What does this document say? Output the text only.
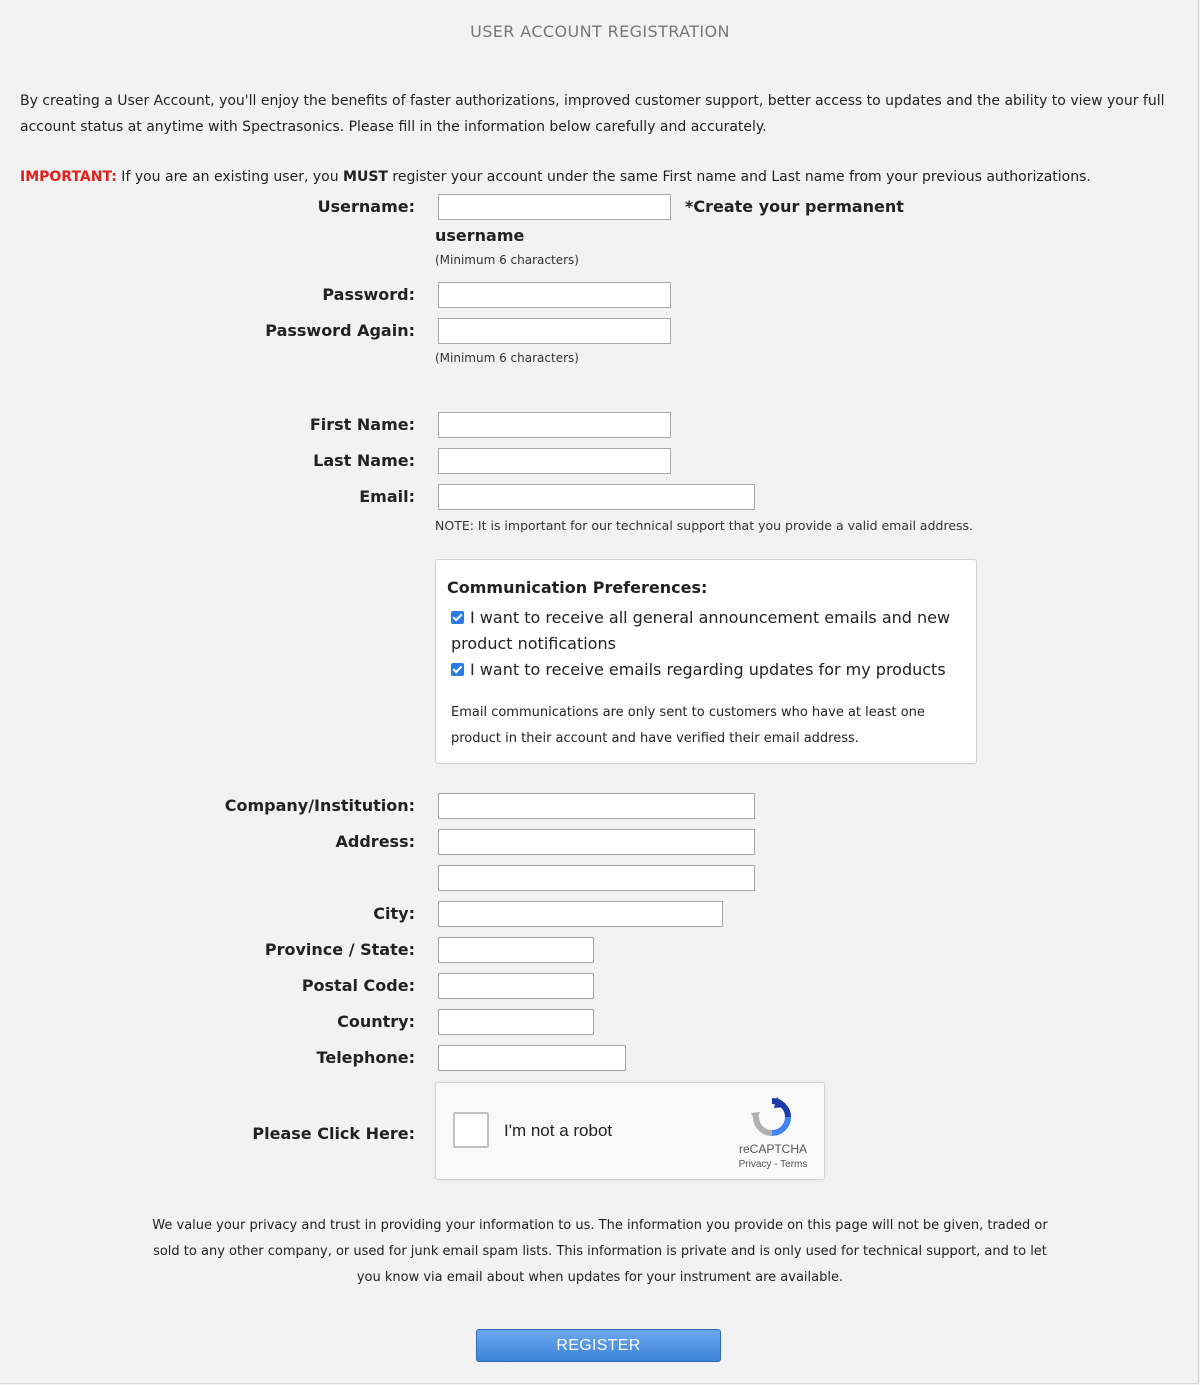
USER ACCOUNT REGISTRATION
By creating a User Account, you'll enjoy the benefits of faster authorizations, improved customer support, better access to updates and the ability to view your full account status at anytime with Spectrasonics. Please fill in the information below carefully and accurately.
IMPORTANT: If you are an existing user, you MUST register your account under the same First name and Last name from your previous authorizations.
Username:	*Create your permanent
username
(Minimum 6 characters)
Password:
Password Again:
(Minimum 6 characters)
First Name:
Last Name:
Email:
NOTE: It is important for our technical support that you provide a valid email address.
Communication Preferences:
I want to receive all general announcement emails and new product notifications
I want to receive emails regarding updates for my products
Email communications are only sent to customers who have at least one product in their account and have verified their email address.
Company/Institution:
Address:
City:
Province / State:
Postal Code:
Country:
Telephone:
Please Click Here:	I'm not a robot
reCAPTCHA
Privacy - Terms
We value your privacy and trust in providing your information to us. The information you provide on this page will not be given, traded or sold to any other company, or used for junk email spam lists. This information is private and is only used for technical support, and to let you know via email about when updates for your instrument are available.
REGISTER
